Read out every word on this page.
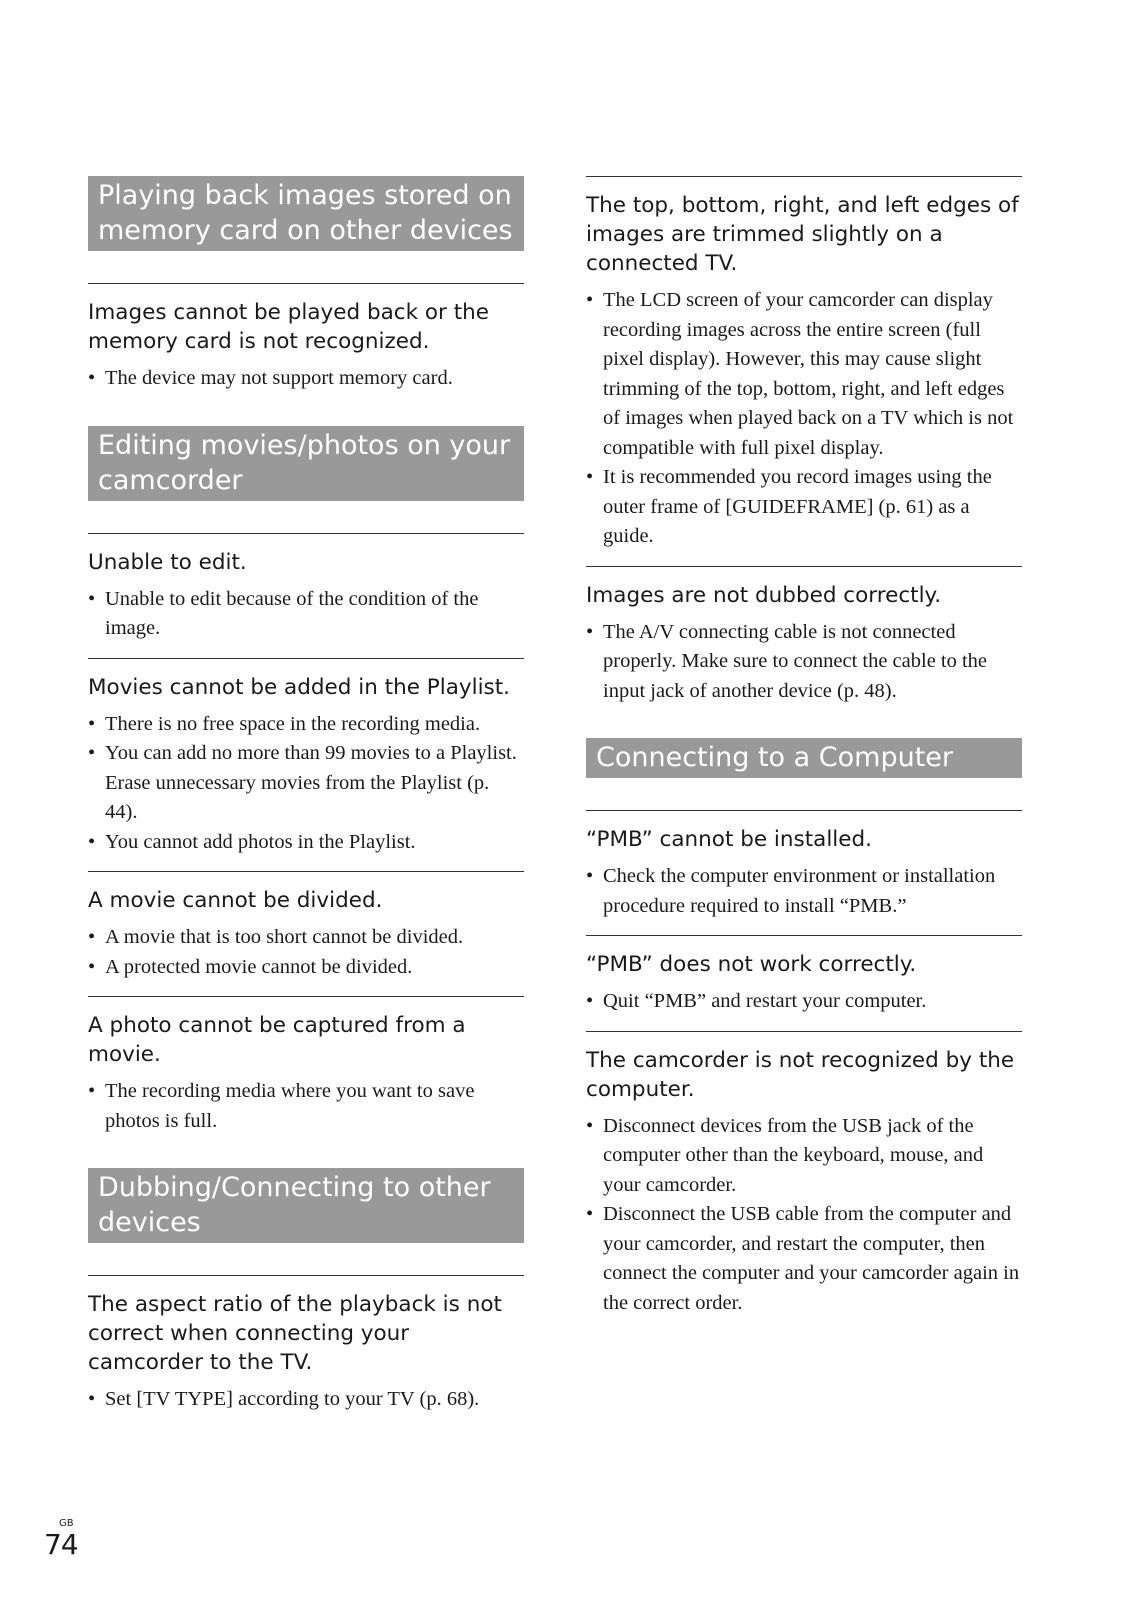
Playing back images stored on memory card on other devices

Images cannot be played back or the memory card is not recognized.

• The device may not support memory card.
Editing movies/photos on your camcorder

Unable to edit.

• Unable to edit because of the condition of the image.

Movies cannot be added in the Playlist.

• There is no free space in the recording media.
• You can add no more than 99 movies to a Playlist. Erase unnecessary movies from the Playlist (p. 44).
• You cannot add photos in the Playlist.

A movie cannot be divided.

• A movie that is too short cannot be divided.
• A protected movie cannot be divided.

A photo cannot be captured from a movie.

• The recording media where you want to save photos is full.
Dubbing/Connecting to other devices

The aspect ratio of the playback is not correct when connecting your camcorder to the TV.

• Set [TV TYPE] according to your TV (p. 68).

The top, bottom, right, and left edges of images are trimmed slightly on a connected TV.

• The LCD screen of your camcorder can display recording images across the entire screen (full pixel display). However, this may cause slight trimming of the top, bottom, right, and left edges of images when played back on a TV which is not compatible with full pixel display.
• It is recommended you record images using the outer frame of [GUIDEFRAME] (p. 61) as a guide.

Images are not dubbed correctly.

• The A/V connecting cable is not connected properly. Make sure to connect the cable to the input jack of another device (p. 48).
Connecting to a Computer

“PMB” cannot be installed.

• Check the computer environment or installation procedure required to install “PMB.”

“PMB” does not work correctly.

• Quit “PMB” and restart your computer.

The camcorder is not recognized by the computer.

• Disconnect devices from the USB jack of the computer other than the keyboard, mouse, and your camcorder.
• Disconnect the USB cable from the computer and your camcorder, and restart the computer, then connect the computer and your camcorder again in the correct order.
GB
74
